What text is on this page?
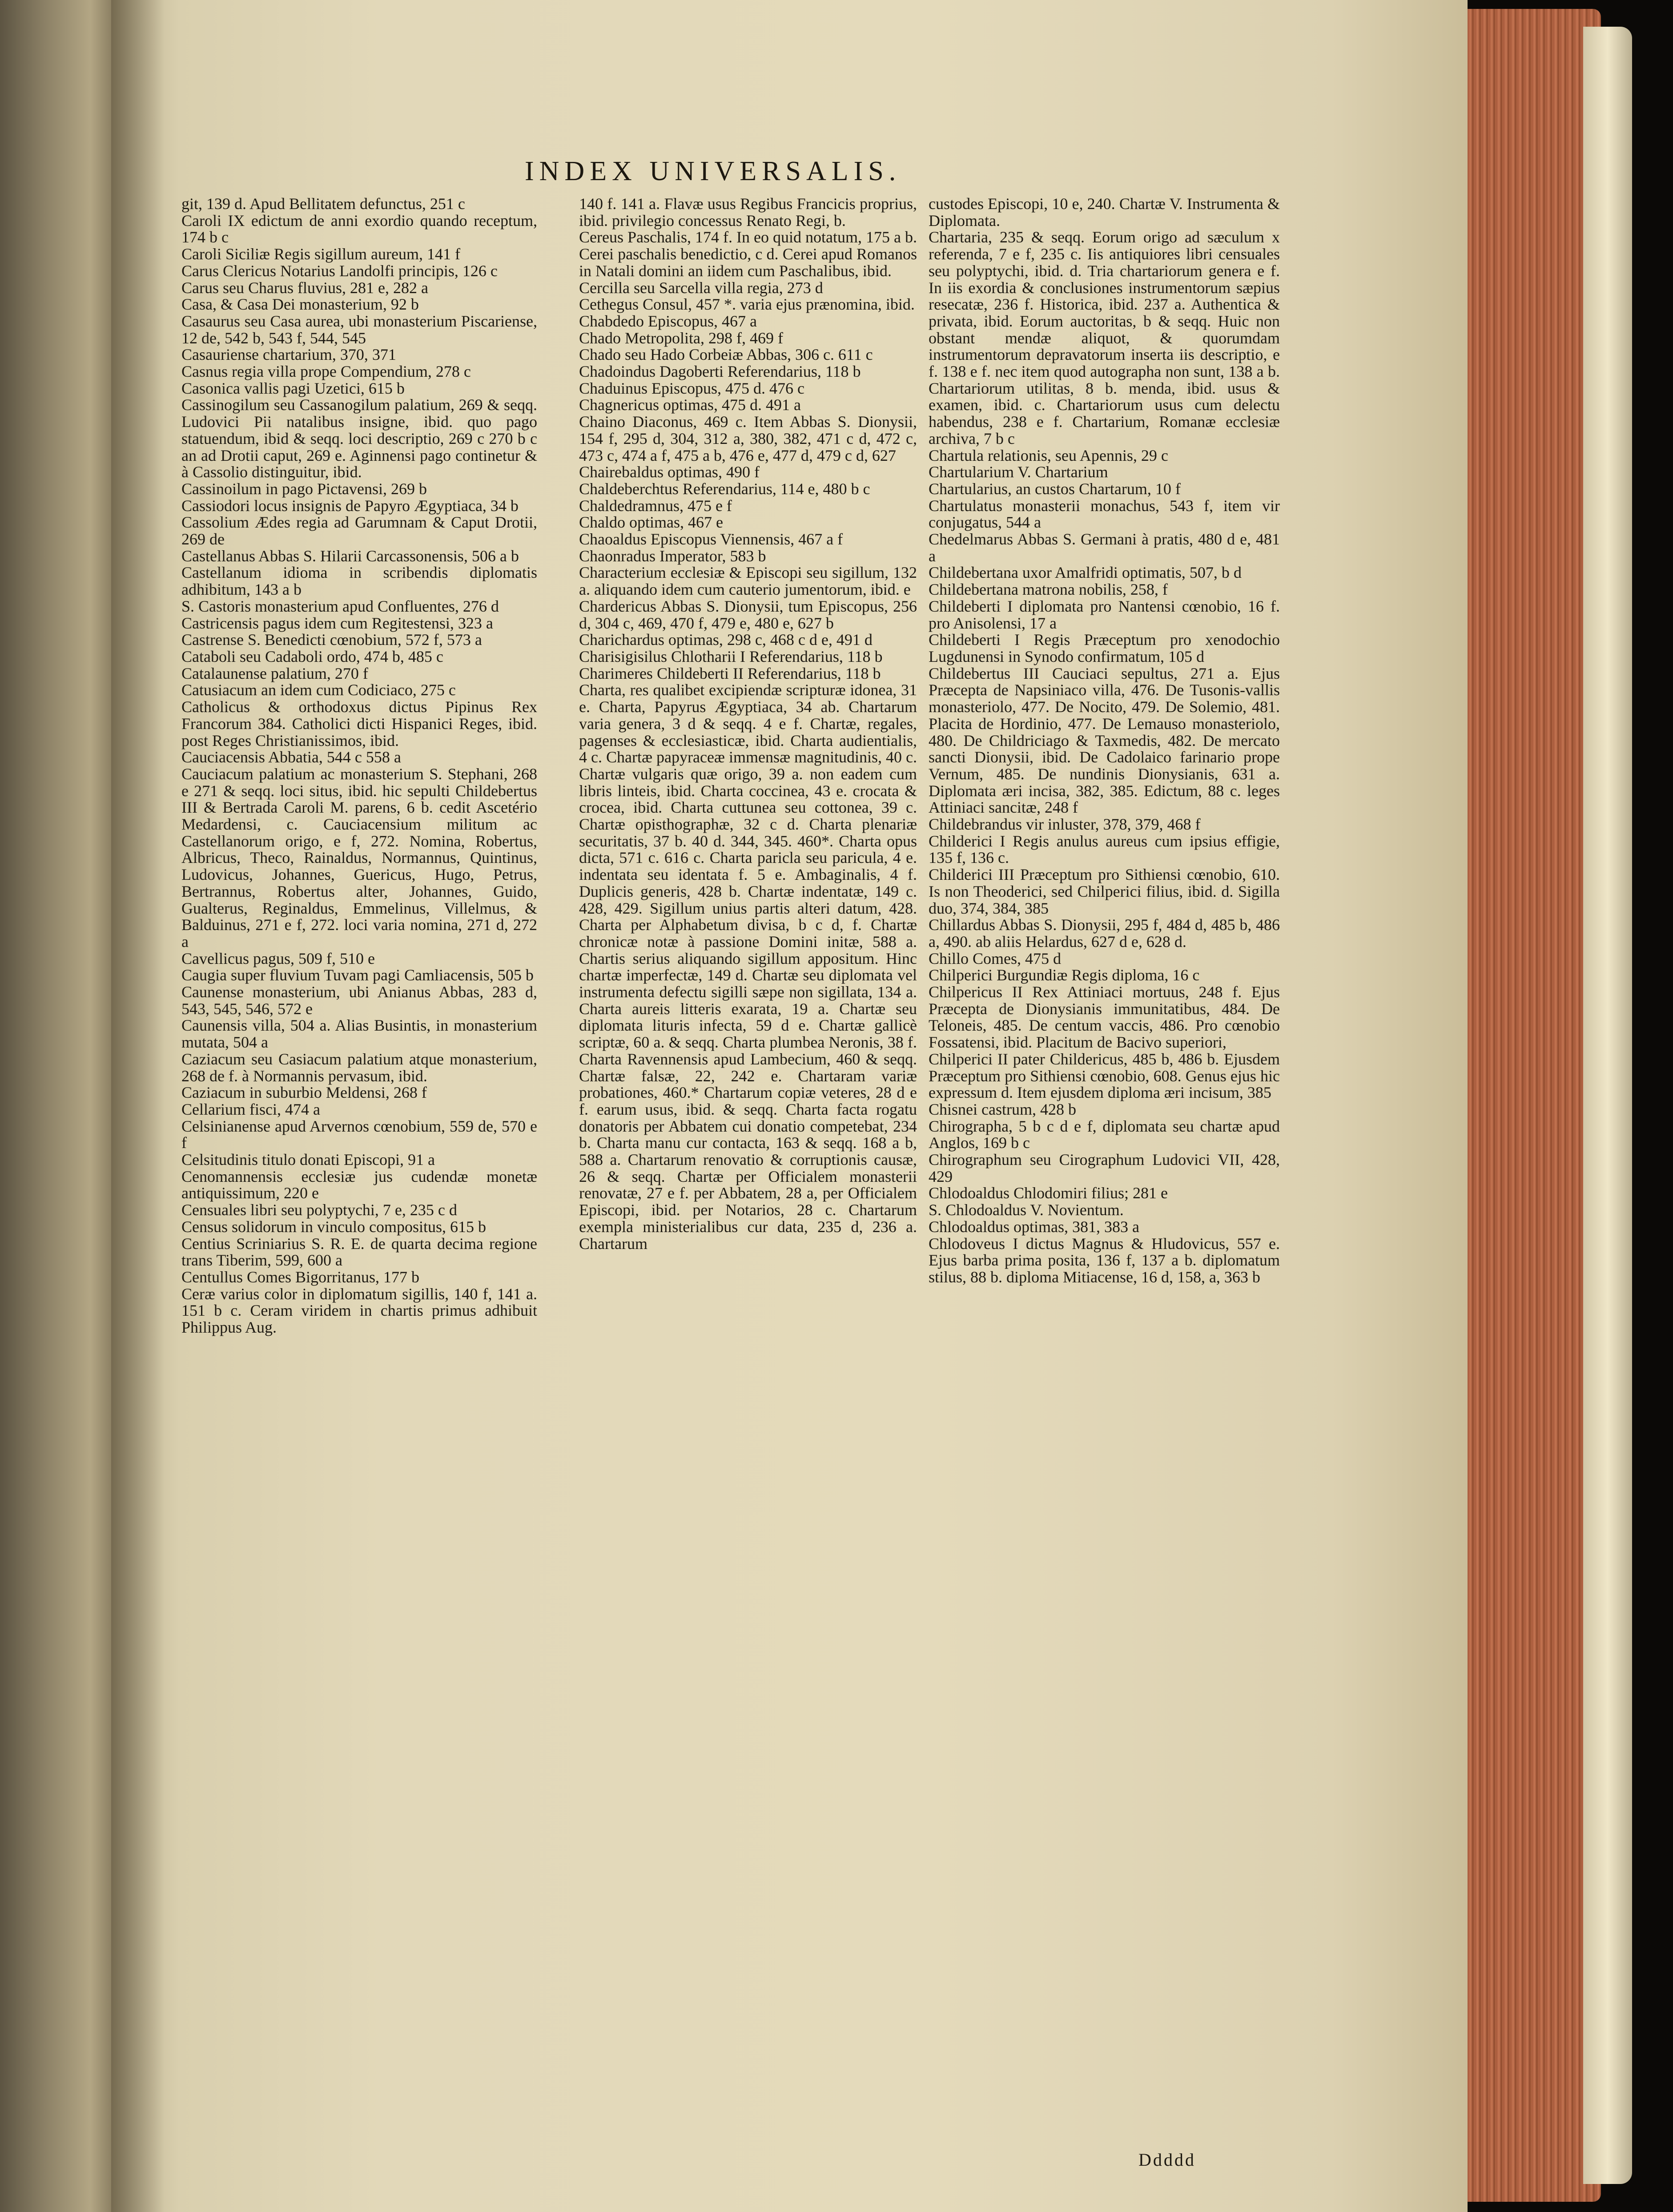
INDEX UNIVERSALIS.

git, 139 d. Apud Bellitatem defunctus, 251 c

Caroli IX edictum de anni exordio quando receptum, 174 b c

Caroli Siciliæ Regis sigillum aureum, 141 f

Carus Clericus Notarius Landolfi principis, 126 c

Carus seu Charus fluvius, 281 e, 282 a

Casa, & Casa Dei monasterium, 92 b

Casaurus seu Casa aurea, ubi monasterium Piscariense, 12 de, 542 b, 543 f, 544, 545

Casauriense chartarium, 370, 371

Casnus regia villa prope Compendium, 278 c

Casonica vallis pagi Uzetici, 615 b

Cassinogilum seu Cassanogilum palatium, 269 & seqq. Ludovici Pii natalibus insigne, ibid. quo pago statuendum, ibid & seqq. loci descriptio, 269 c 270 b c an ad Drotii caput, 269 e. Aginnensi pago continetur & à Cassolio distinguitur, ibid.

Cassinoilum in pago Pictavensi, 269 b

Cassiodori locus insignis de Papyro Ægyptiaca, 34 b

Cassolium Ædes regia ad Garumnam & Caput Drotii, 269 de

Castellanus Abbas S. Hilarii Carcassonensis, 506 a b

Castellanum idioma in scribendis diplomatis adhibitum, 143 a b

S. Castoris monasterium apud Confluentes, 276 d

Castricensis pagus idem cum Regitestensi, 323 a

Castrense S. Benedicti cœnobium, 572 f, 573 a

Cataboli seu Cadaboli ordo, 474 b, 485 c

Catalaunense palatium, 270 f

Catusiacum an idem cum Codiciaco, 275 c

Catholicus & orthodoxus dictus Pipinus Rex Francorum 384. Catholici dicti Hispanici Reges, ibid. post Reges Christianissimos, ibid.

Cauciacensis Abbatia, 544 c 558 a

Cauciacum palatium ac monasterium S. Stephani, 268 e 271 & seqq. loci situs, ibid. hic sepulti Childebertus III & Bertrada Caroli M. parens, 6 b. cedit Ascetério Medardensi, c. Cauciacensium militum ac Castellanorum origo, e f, 272. Nomina, Robertus, Albricus, Theco, Rainaldus, Normannus, Quintinus, Ludovicus, Johannes, Guericus, Hugo, Petrus, Bertrannus, Robertus alter, Johannes, Guido, Gualterus, Reginaldus, Emmelinus, Villelmus, & Balduinus, 271 e f, 272. loci varia nomina, 271 d, 272 a

Cavellicus pagus, 509 f, 510 e

Caugia super fluvium Tuvam pagi Camliacensis, 505 b

Caunense monasterium, ubi Anianus Abbas, 283 d, 543, 545, 546, 572 e

Caunensis villa, 504 a. Alias Busintis, in monasterium mutata, 504 a

Caziacum seu Casiacum palatium atque monasterium, 268 de f. à Normannis pervasum, ibid.

Caziacum in suburbio Meldensi, 268 f

Cellarium fisci, 474 a

Celsinianense apud Arvernos cœnobium, 559 de, 570 e f

Celsitudinis titulo donati Episcopi, 91 a

Cenomannensis ecclesiæ jus cudendæ monetæ antiquissimum, 220 e

Censuales libri seu polyptychi, 7 e, 235 c d

Census solidorum in vinculo compositus, 615 b

Centius Scriniarius S. R. E. de quarta decima regione trans Tiberim, 599, 600 a

Centullus Comes Bigorritanus, 177 b

Ceræ varius color in diplomatum sigillis, 140 f, 141 a. 151 b c. Ceram viridem in chartis primus adhibuit Philippus Aug.

140 f. 141 a. Flavæ usus Regibus Francicis proprius, ibid. privilegio concessus Renato Regi, b.

Cereus Paschalis, 174 f. In eo quid notatum, 175 a b. Cerei paschalis benedictio, c d. Cerei apud Romanos in Natali domini an iidem cum Paschalibus, ibid.

Cercilla seu Sarcella villa regia, 273 d

Cethegus Consul, 457 *. varia ejus prænomina, ibid.

Chabdedo Episcopus, 467 a

Chado Metropolita, 298 f, 469 f

Chado seu Hado Corbeiæ Abbas, 306 c. 611 c

Chadoindus Dagoberti Referendarius, 118 b

Chaduinus Episcopus, 475 d. 476 c

Chagnericus optimas, 475 d. 491 a

Chaino Diaconus, 469 c. Item Abbas S. Dionysii, 154 f, 295 d, 304, 312 a, 380, 382, 471 c d, 472 c, 473 c, 474 a f, 475 a b, 476 e, 477 d, 479 c d, 627

Chairebaldus optimas, 490 f

Chaldeberchtus Referendarius, 114 e, 480 b c

Chaldedramnus, 475 e f

Chaldo optimas, 467 e

Chaoaldus Episcopus Viennensis, 467 a f

Chaonradus Imperator, 583 b

Characterium ecclesiæ & Episcopi seu sigillum, 132 a. aliquando idem cum cauterio jumentorum, ibid. e

Chardericus Abbas S. Dionysii, tum Episcopus, 256 d, 304 c, 469, 470 f, 479 e, 480 e, 627 b

Charichardus optimas, 298 c, 468 c d e, 491 d

Charisigisilus Chlotharii I Referendarius, 118 b

Charimeres Childeberti II Referendarius, 118 b

Charta, res qualibet excipiendæ scripturæ idonea, 31 e. Charta, Papyrus Ægyptiaca, 34 ab. Chartarum varia genera, 3 d & seqq. 4 e f. Chartæ, regales, pagenses & ecclesiasticæ, ibid. Charta audientialis, 4 c. Chartæ papyraceæ immensæ magnitudinis, 40 c. Chartæ vulgaris quæ origo, 39 a. non eadem cum libris linteis, ibid. Charta coccinea, 43 e. crocata & crocea, ibid. Charta cuttunea seu cottonea, 39 c. Chartæ opisthographæ, 32 c d. Charta plenariæ securitatis, 37 b. 40 d. 344, 345. 460*. Charta opus dicta, 571 c. 616 c. Charta paricla seu paricula, 4 e. indentata seu identata f. 5 e. Ambaginalis, 4 f. Duplicis generis, 428 b. Chartæ indentatæ, 149 c. 428, 429. Sigillum unius partis alteri datum, 428. Charta per Alphabetum divisa, b c d, f. Chartæ chronicæ notæ à passione Domini initæ, 588 a. Chartis serius aliquando sigillum appositum. Hinc chartæ imperfectæ, 149 d. Chartæ seu diplomata vel instrumenta defectu sigilli sæpe non sigillata, 134 a. Charta aureis litteris exarata, 19 a. Chartæ seu diplomata lituris infecta, 59 d e. Chartæ gallicè scriptæ, 60 a. & seqq. Charta plumbea Neronis, 38 f. Charta Ravennensis apud Lambecium, 460 & seqq. Chartæ falsæ, 22, 242 e. Chartaram variæ probationes, 460.* Chartarum copiæ veteres, 28 d e f. earum usus, ibid. & seqq. Charta facta rogatu donatoris per Abbatem cui donatio competebat, 234 b. Charta manu cur contacta, 163 & seqq. 168 a b, 588 a. Chartarum renovatio & corruptionis causæ, 26 & seqq. Chartæ per Officialem monasterii renovatæ, 27 e f. per Abbatem, 28 a, per Officialem Episcopi, ibid. per Notarios, 28 c. Chartarum exempla ministerialibus cur data, 235 d, 236 a. Chartarum

custodes Episcopi, 10 e, 240. Chartæ V. Instrumenta & Diplomata.

Chartaria, 235 & seqq. Eorum origo ad sæculum x referenda, 7 e f, 235 c. Iis antiquiores libri censuales seu polyptychi, ibid. d. Tria chartariorum genera e f. In iis exordia & conclusiones instrumentorum sæpius resecatæ, 236 f. Historica, ibid. 237 a. Authentica & privata, ibid. Eorum auctoritas, b & seqq. Huic non obstant mendæ aliquot, & quorumdam instrumentorum depravatorum inserta iis descriptio, e f. 138 e f. nec item quod autographa non sunt, 138 a b. Chartariorum utilitas, 8 b. menda, ibid. usus & examen, ibid. c. Chartariorum usus cum delectu habendus, 238 e f. Chartarium, Romanæ ecclesiæ archiva, 7 b c

Chartula relationis, seu Apennis, 29 c

Chartularium V. Chartarium

Chartularius, an custos Chartarum, 10 f

Chartulatus monasterii monachus, 543 f, item vir conjugatus, 544 a

Chedelmarus Abbas S. Germani à pratis, 480 d e, 481 a

Childebertana uxor Amalfridi optimatis, 507, b d

Childebertana matrona nobilis, 258, f

Childeberti I diplomata pro Nantensi cœnobio, 16 f. pro Anisolensi, 17 a

Childeberti I Regis Præceptum pro xenodochio Lugdunensi in Synodo confirmatum, 105 d

Childebertus III Cauciaci sepultus, 271 a. Ejus Præcepta de Napsiniaco villa, 476. De Tusonis-vallis monasteriolo, 477. De Nocito, 479. De Solemio, 481. Placita de Hordinio, 477. De Lemauso monasteriolo, 480. De Childriciago & Taxmedis, 482. De mercato sancti Dionysii, ibid. De Cadolaico farinario prope Vernum, 485. De nundinis Dionysianis, 631 a. Diplomata æri incisa, 382, 385. Edictum, 88 c. leges Attiniaci sancitæ, 248 f

Childebrandus vir inluster, 378, 379, 468 f

Childerici I Regis anulus aureus cum ipsius effigie, 135 f, 136 c.

Childerici III Præceptum pro Sithiensi cœnobio, 610. Is non Theoderici, sed Chilperici filius, ibid. d. Sigilla duo, 374, 384, 385

Chillardus Abbas S. Dionysii, 295 f, 484 d, 485 b, 486 a, 490. ab aliis Helardus, 627 d e, 628 d.

Chillo Comes, 475 d

Chilperici Burgundiæ Regis diploma, 16 c

Chilpericus II Rex Attiniaci mortuus, 248 f. Ejus Præcepta de Dionysianis immunitatibus, 484. De Teloneis, 485. De centum vaccis, 486. Pro cœnobio Fossatensi, ibid. Placitum de Bacivo superiori,

Chilperici II pater Childericus, 485 b, 486 b. Ejusdem Præceptum pro Sithiensi cœnobio, 608. Genus ejus hic expressum d. Item ejusdem diploma æri incisum, 385

Chisnei castrum, 428 b

Chirographa, 5 b c d e f, diplomata seu chartæ apud Anglos, 169 b c

Chirographum seu Cirographum Ludovici VII, 428, 429

Chlodoaldus Chlodomiri filius; 281 e

S. Chlodoaldus V. Novientum.

Chlodoaldus optimas, 381, 383 a

Chlodoveus I dictus Magnus & Hludovicus, 557 e. Ejus barba prima posita, 136 f, 137 a b. diplomatum stilus, 88 b. diploma Mitiacense, 16 d, 158, a, 363 b

Ddddd
